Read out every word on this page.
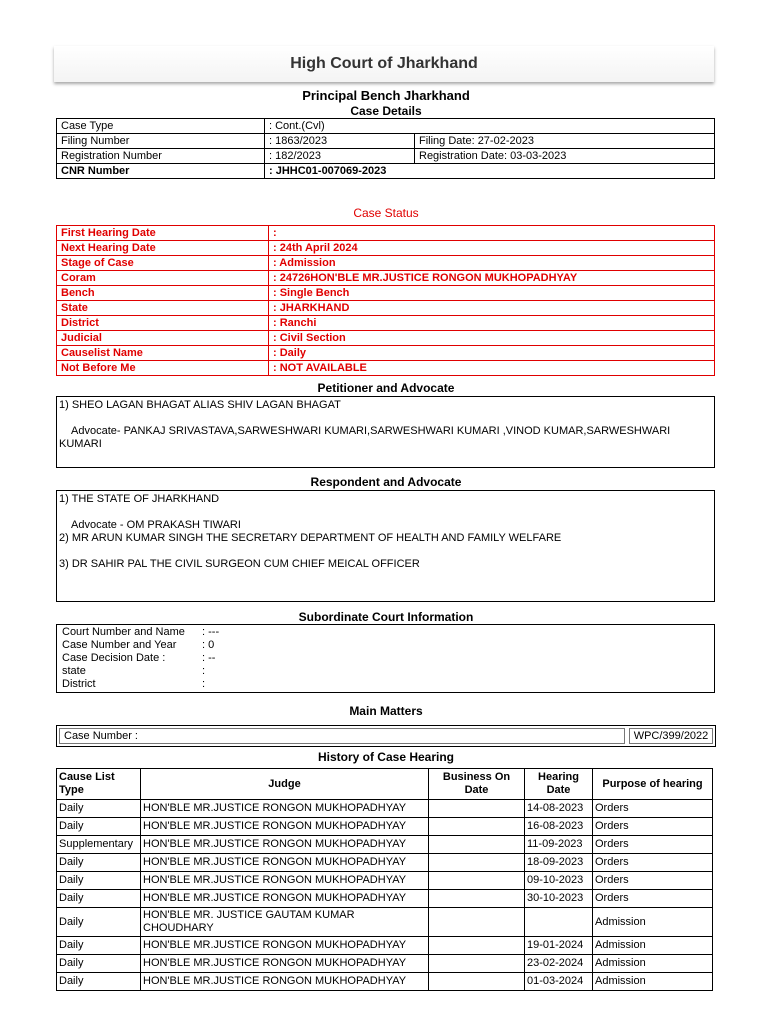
High Court of Jharkhand
Principal Bench Jharkhand
Case Details
Case Type	: Cont.(Cvl)	
Filing Number	: 1863/2023	Filing Date: 27-02-2023
Registration Number	: 182/2023	Registration Date: 03-03-2023
CNR Number	: JHHC01-007069-2023	
Case Status
First Hearing Date	:
Next Hearing Date	: 24th April 2024
Stage of Case	: Admission
Coram	: 24726HON'BLE MR.JUSTICE RONGON MUKHOPADHYAY
Bench	: Single Bench
State	: JHARKHAND
District	: Ranchi
Judicial	: Civil Section
Causelist Name	: Daily
Not Before Me	: NOT AVAILABLE
Petitioner and Advocate
1) SHEO LAGAN BHAGAT ALIAS SHIV LAGAN BHAGAT
Advocate- PANKAJ SRIVASTAVA,SARWESHWARI KUMARI,SARWESHWARI KUMARI ,VINOD KUMAR,SARWESHWARI KUMARI
Respondent and Advocate
1) THE STATE OF JHARKHAND
Advocate - OM PRAKASH TIWARI
2) MR ARUN KUMAR SINGH THE SECRETARY DEPARTMENT OF HEALTH AND FAMILY WELFARE
3) DR SAHIR PAL THE CIVIL SURGEON CUM CHIEF MEICAL OFFICER
Subordinate Court Information
Court Number and Name	: ---
Case Number and Year	: 0
Case Decision Date :	: --
state	:
District	:
Main Matters
Case Number :	WPC/399/2022
History of Case Hearing
Cause List Type	Judge	Business On Date	Hearing Date	Purpose of hearing
Daily	HON'BLE MR.JUSTICE RONGON MUKHOPADHYAY		14-08-2023	Orders
Daily	HON'BLE MR.JUSTICE RONGON MUKHOPADHYAY		16-08-2023	Orders
Supplementary	HON'BLE MR.JUSTICE RONGON MUKHOPADHYAY		11-09-2023	Orders
Daily	HON'BLE MR.JUSTICE RONGON MUKHOPADHYAY		18-09-2023	Orders
Daily	HON'BLE MR.JUSTICE RONGON MUKHOPADHYAY		09-10-2023	Orders
Daily	HON'BLE MR.JUSTICE RONGON MUKHOPADHYAY		30-10-2023	Orders
Daily	HON'BLE MR. JUSTICE GAUTAM KUMAR CHOUDHARY			Admission
Daily	HON'BLE MR.JUSTICE RONGON MUKHOPADHYAY		19-01-2024	Admission
Daily	HON'BLE MR.JUSTICE RONGON MUKHOPADHYAY		23-02-2024	Admission
Daily	HON'BLE MR.JUSTICE RONGON MUKHOPADHYAY		01-03-2024	Admission
